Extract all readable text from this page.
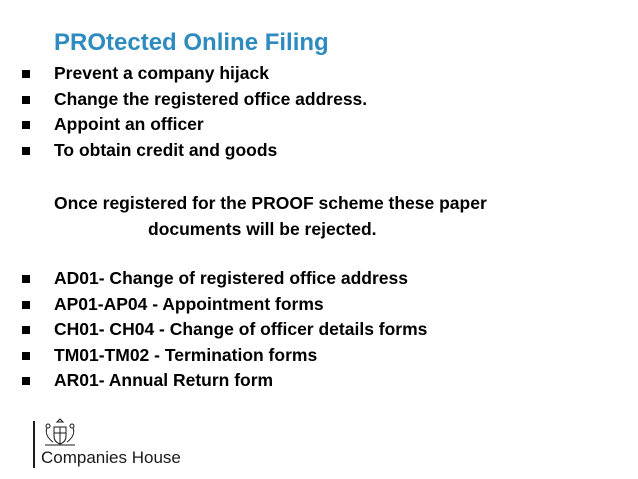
PROtected Online Filing
Prevent a company hijack
Change the registered office address.
Appoint an officer
To obtain credit and goods
Once registered for the PROOF scheme these paper
documents will be rejected.
AD01- Change of registered office address
AP01-AP04 - Appointment forms
CH01- CH04 - Change of officer details forms
TM01-TM02 - Termination forms
AR01- Annual Return form
Companies House
